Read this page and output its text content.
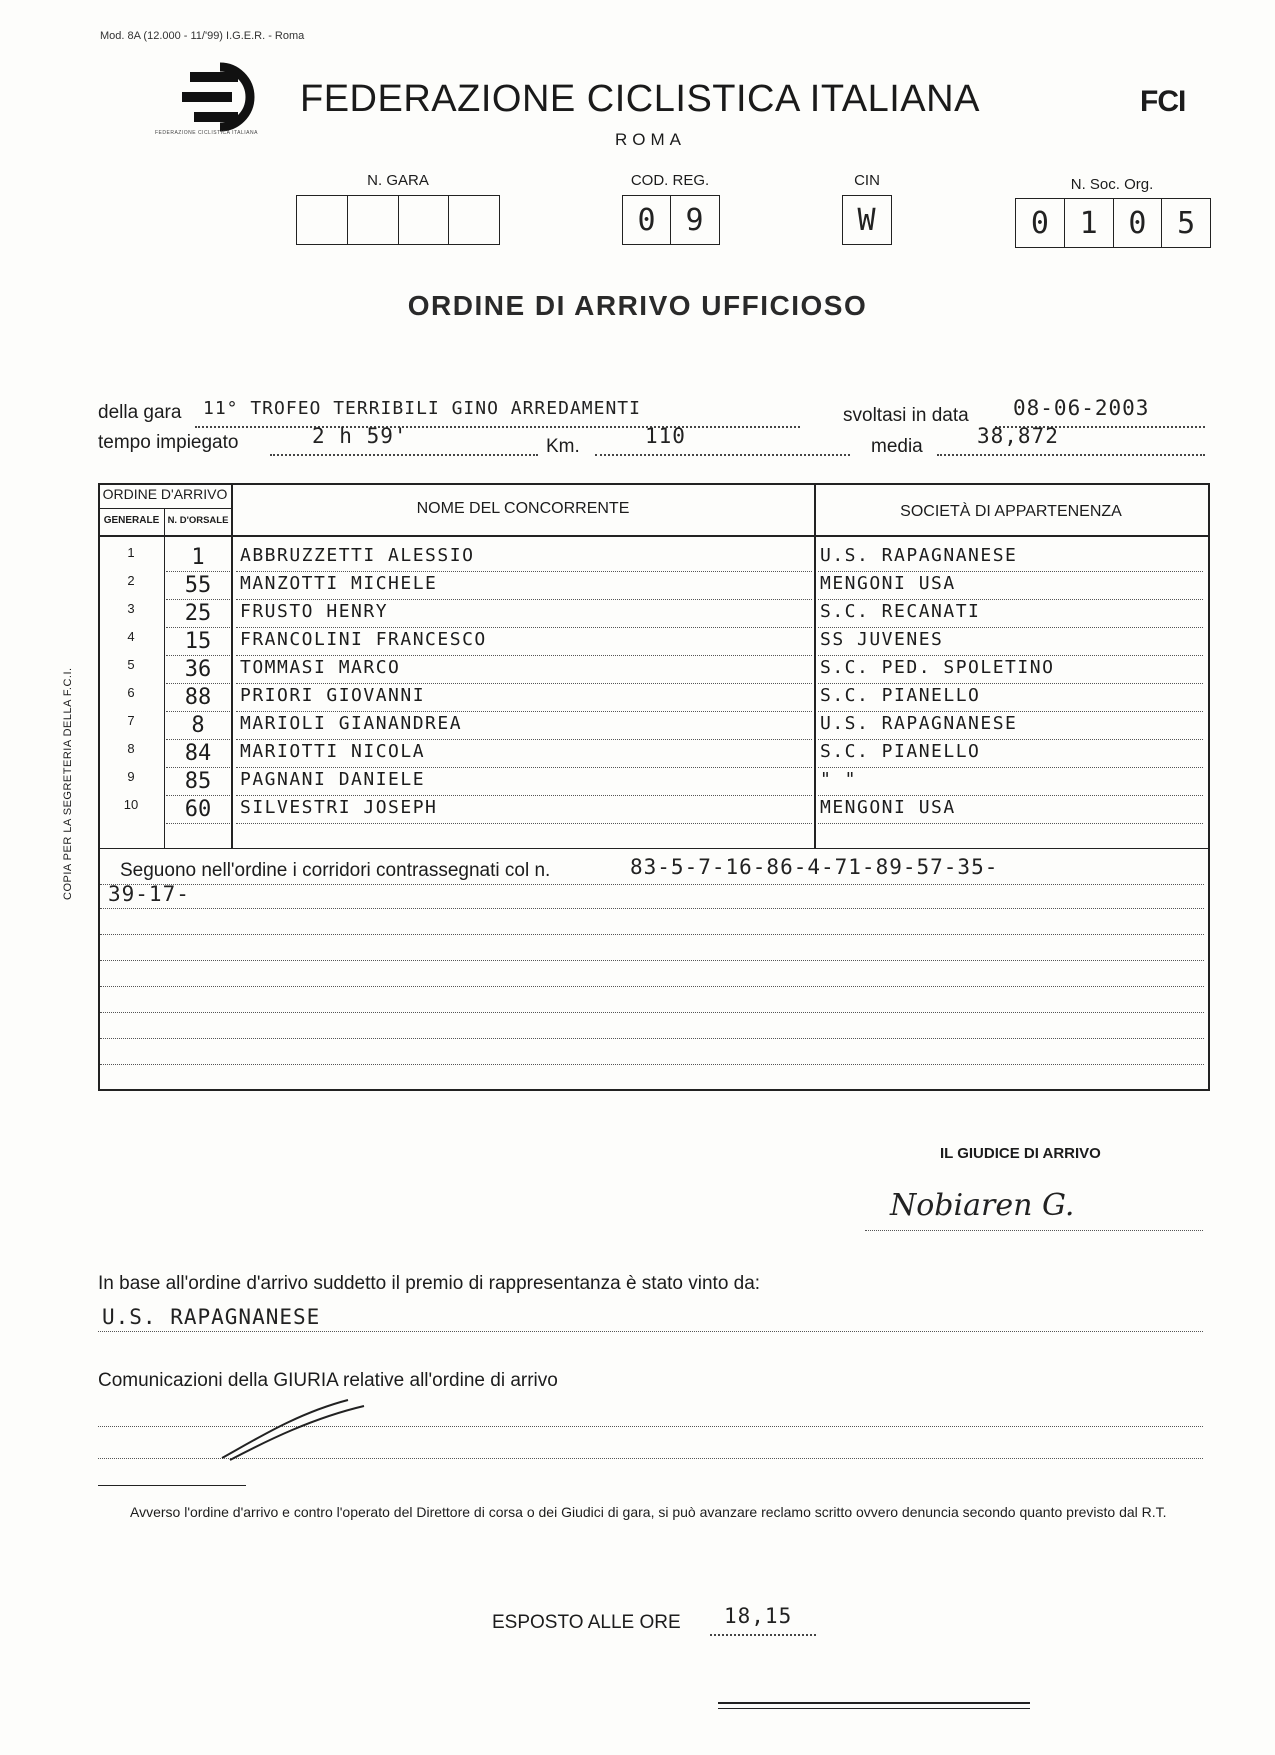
Mod. 8A (12.000 - 11/'99) I.G.E.R. - Roma
FEDERAZIONE CICLISTICA ITALIANA
FEDERAZIONE CICLISTICA ITALIANA
ROMA
FCI
N. GARA	COD. REG.
0 9
CIN
W
N. Soc. Org.
0	1	0	5
ORDINE DI ARRIVO UFFICIOSO
della gara 11° TROFEO TERRIBILI GINO ARREDAMENTI	svoltasi in data 08-06-2003
tempo impiegato	2 h 59'	Km.	110	media	38,872
ORDINE D'ARRIVO
GENERALE N. D'ORSALE
NOME DEL CONCORRENTE	SOCIETÀ DI APPARTENENZA
1	1	ABBRUZZETTI ALESSIO	U.S. RAPAGNANESE
2	55	MANZOTTI MICHELE	MENGONI USA
3	25	FRUSTO HENRY	S.C. RECANATI
4	15	FRANCOLINI FRANCESCO	SS JUVENES
5	36	TOMMASI MARCO	S.C. PED. SPOLETINO
6	88	PRIORI GIOVANNI	S.C. PIANELLO
7	8	MARIOLI GIANANDREA	U.S. RAPAGNANESE
8	84	MARIOTTI NICOLA	S.C. PIANELLO
9	85	PAGNANI DANIELE	" "
10	60	SILVESTRI JOSEPH	MENGONI USA
Seguono nell'ordine i corridori contrassegnati col n.	83-5-7-16-86-4-71-89-57-35-
39-17-
COPIA PER LA SEGRETERIA DELLA F.C.I.
IL GIUDICE DI ARRIVO
Nobiaren G.
In base all'ordine d'arrivo suddetto il premio di rappresentanza è stato vinto da:
U.S. RAPAGNANESE
Comunicazioni della GIURIA relative all'ordine di arrivo
Avverso l'ordine d'arrivo e contro l'operato del Direttore di corsa o dei Giudici di gara, si può avanzare reclamo scritto ovvero denuncia secondo quanto previsto dal R.T.
ESPOSTO ALLE ORE 18,15
